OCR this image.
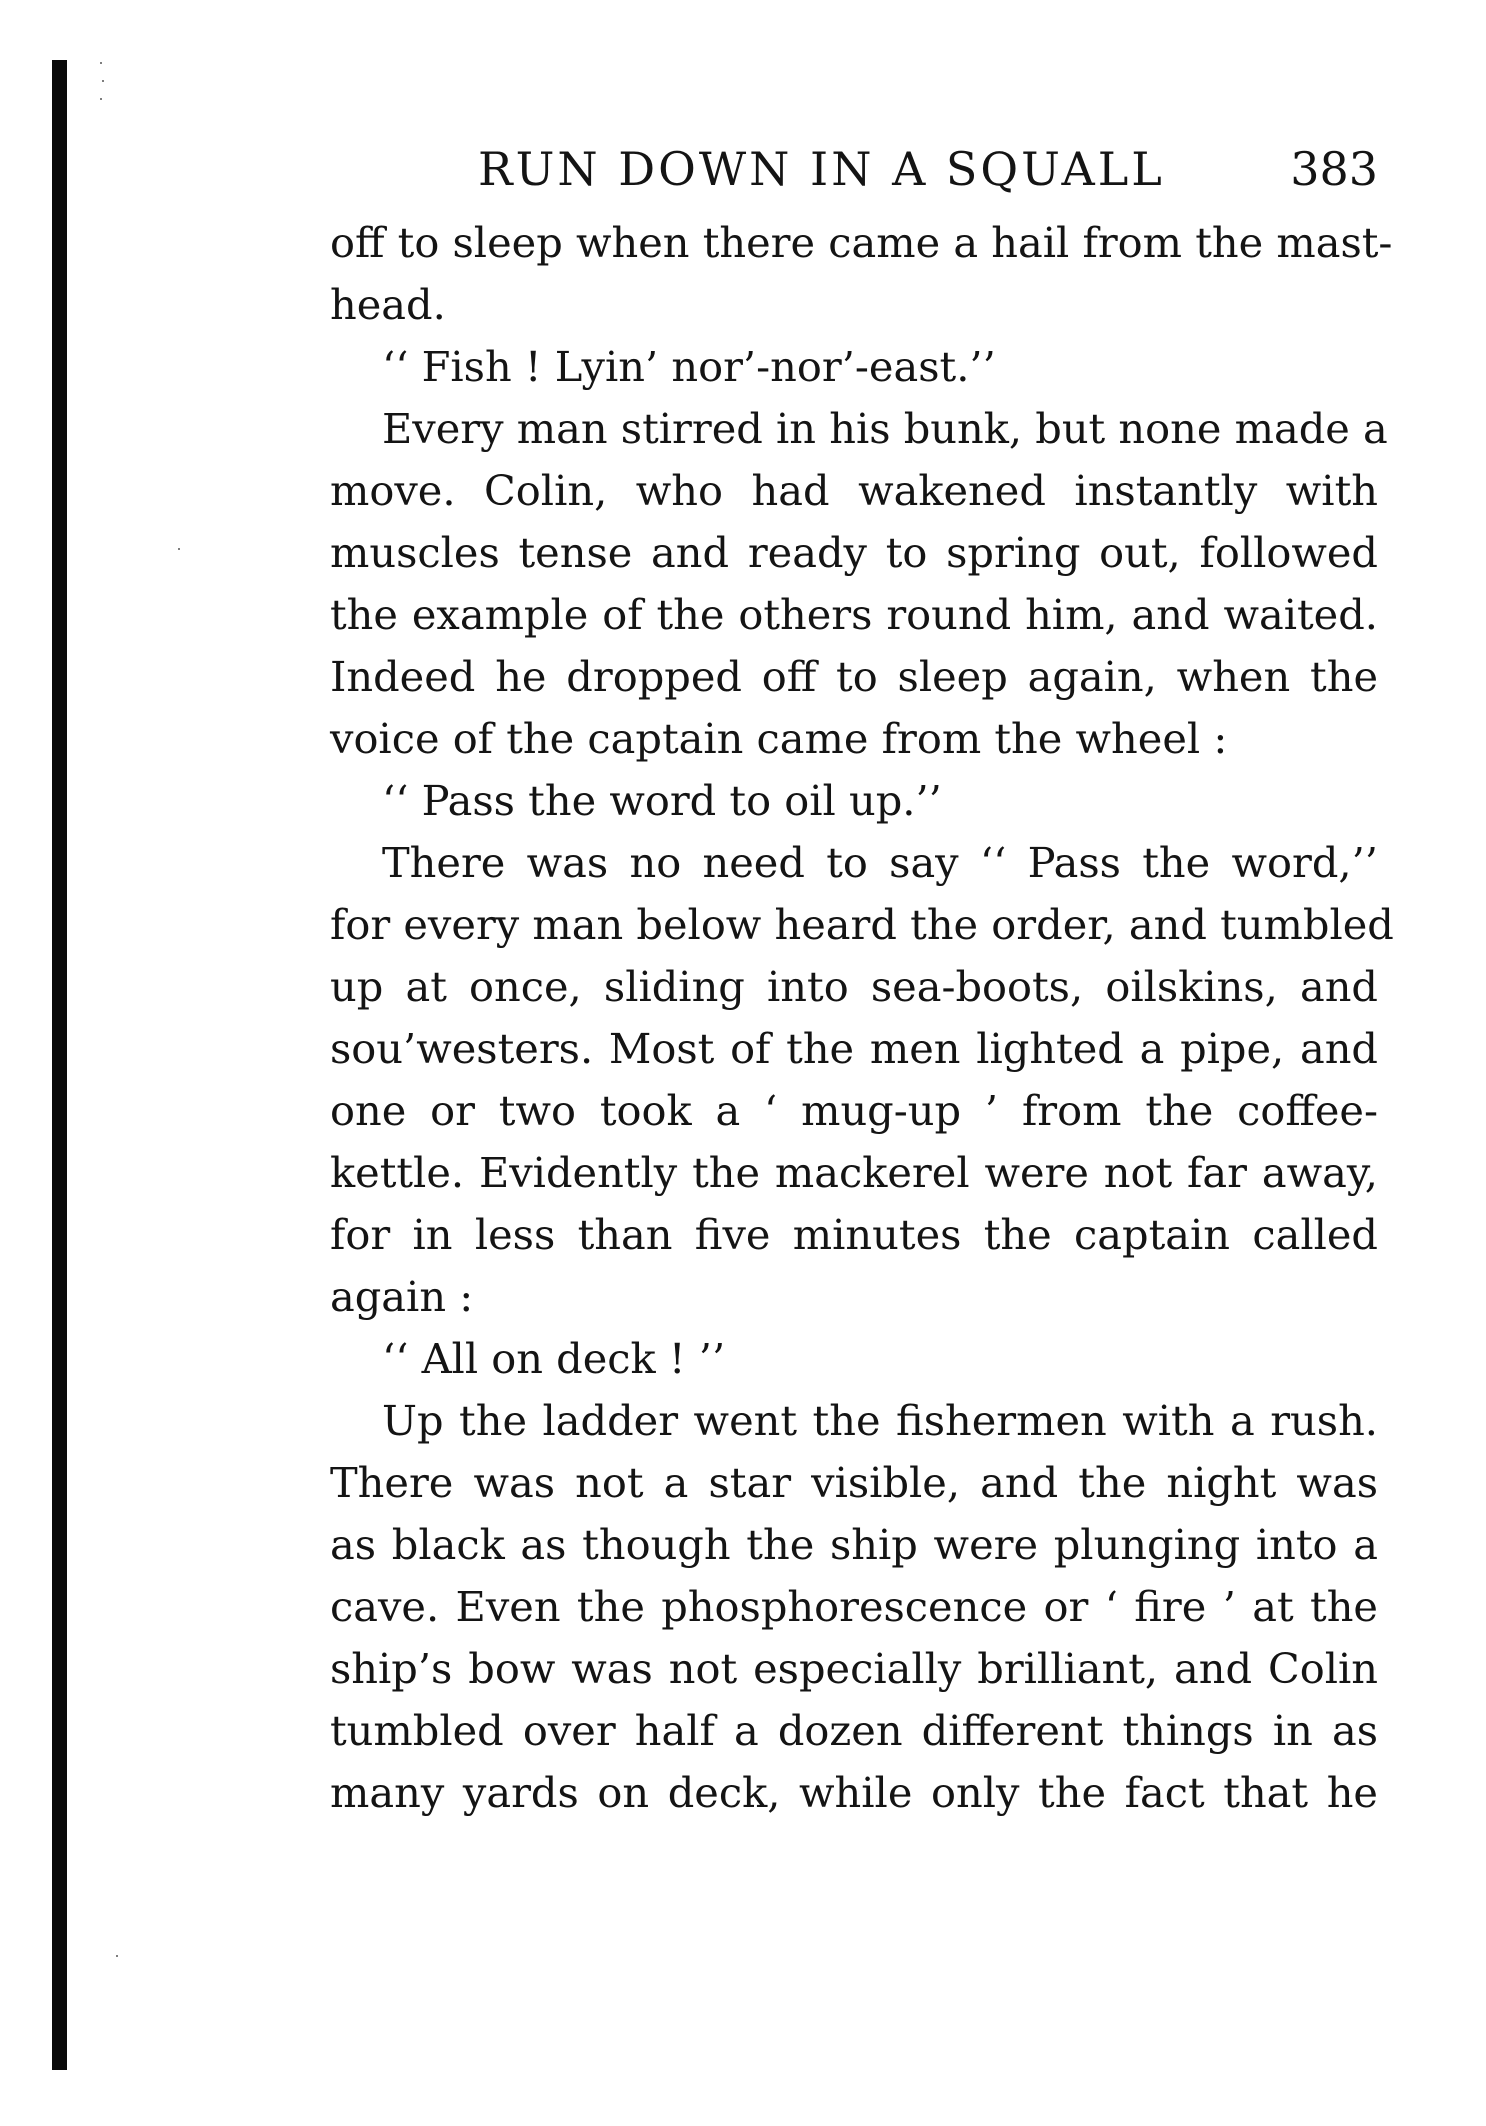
RUN DOWN IN A SQUALL	383
off to sleep when there came a hail from the mast-
head.
‘‘ Fish ! Lyin’ nor’-nor’-east.’’
Every man stirred in his bunk, but none made a
move. Colin, who had wakened instantly with
muscles tense and ready to spring out, followed
the example of the others round him, and waited.
Indeed he dropped off to sleep again, when the
voice of the captain came from the wheel :
‘‘ Pass the word to oil up.’’
There was no need to say ‘‘ Pass the word,’’
for every man below heard the order, and tumbled
up at once, sliding into sea-boots, oilskins, and
sou’westers. Most of the men lighted a pipe, and
one or two took a ‘ mug-up ’ from the coffee-
kettle. Evidently the mackerel were not far away,
for in less than five minutes the captain called
again :
‘‘ All on deck ! ’’
Up the ladder went the fishermen with a rush.
There was not a star visible, and the night was
as black as though the ship were plunging into a
cave. Even the phosphorescence or ‘ fire ’ at the
ship’s bow was not especially brilliant, and Colin
tumbled over half a dozen different things in as
many yards on deck, while only the fact that he
